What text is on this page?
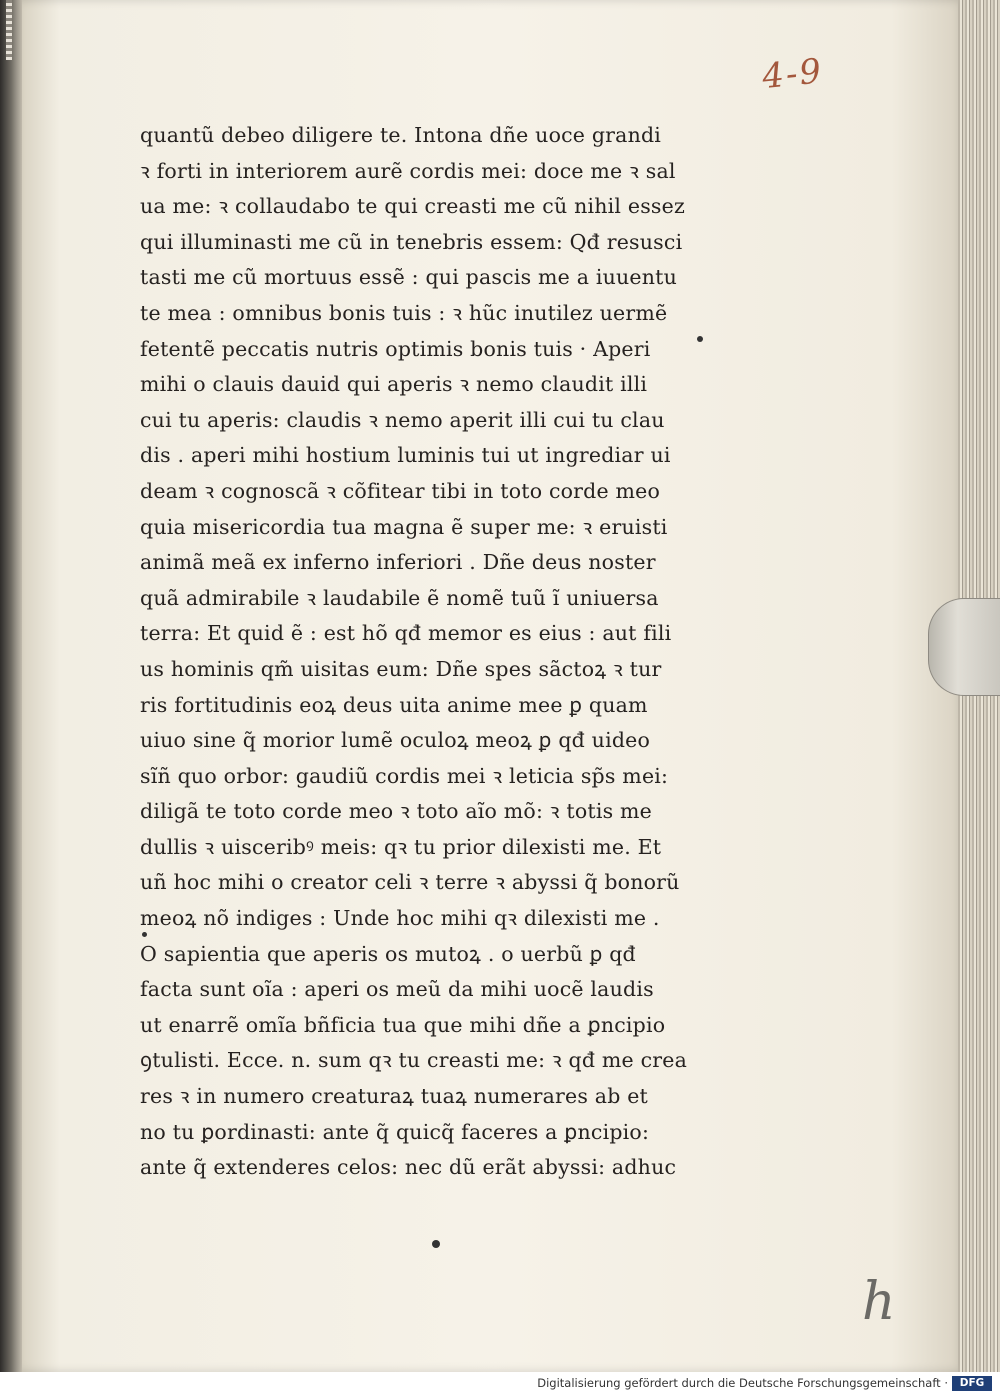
4-9
quantũ debeo diligere te. Intona dñe uoce grandi
ꝛ forti in interiorem aurẽ cordis mei: doce me ꝛ sal
ua me: ꝛ collaudabo te qui creasti me cũ nihil essez
qui illuminasti me cũ in tenebris essem: Qđ resusci
tasti me cũ mortuus essẽ : qui pascis me a iuuentu
te mea : omnibus bonis tuis : ꝛ hũc inutilez uermẽ
fetentẽ peccatis nutris optimis bonis tuis · Aperi
mihi o clauis dauid qui aperis ꝛ nemo claudit illi
cui tu aperis: claudis ꝛ nemo aperit illi cui tu clau
dis . aperi mihi hostium luminis tui ut ingrediar ui
deam ꝛ cognoscã ꝛ cõfitear tibi in toto corde meo
quia misericordia tua magna ẽ super me: ꝛ eruisti
animã meã ex inferno inferiori . Dñe deus noster
quã admirabile ꝛ laudabile ẽ nomẽ tuũ ĩ uniuersa
terra: Et quid ẽ : est hõ qđ memor es eius : aut fili
us hominis qm̃ uisitas eum: Dñe spes sãctoꝝ ꝛ tur
ris fortitudinis eoꝝ deus uita anime mee ꝑ quam
uiuo sine q̃ morior lumẽ oculoꝝ meoꝝ ꝑ qđ uideo
sĩñ quo orbor: gaudiũ cordis mei ꝛ leticia sp̃s mei:
diligã te toto corde meo ꝛ toto aĩo mõ: ꝛ totis me
dullis ꝛ uisceribꝰ meis: qꝛ tu prior dilexisti me. Et
uñ hoc mihi o creator celi ꝛ terre ꝛ abyssi q̃ bonorũ
meoꝝ nõ indiges : Unde hoc mihi qꝛ dilexisti me .
O sapientia que aperis os mutoꝝ . o uerbũ ꝑ qđ
facta sunt oĩa : aperi os meũ da mihi uocẽ laudis
ut enarrẽ omĩa bñficia tua que mihi dñe a ꝑncipio
ꝯtulisti. Ecce. n. sum qꝛ tu creasti me: ꝛ qđ me crea
res ꝛ in numero creaturaꝝ tuaꝝ numerares ab et
no tu ꝑordinasti: ante q̃ quicq̃ faceres a ꝑncipio:
ante q̃ extenderes celos: nec dũ erãt abyssi: adhuc
h
Digitalisierung gefördert durch die Deutsche Forschungsgemeinschaft ·	DFG
